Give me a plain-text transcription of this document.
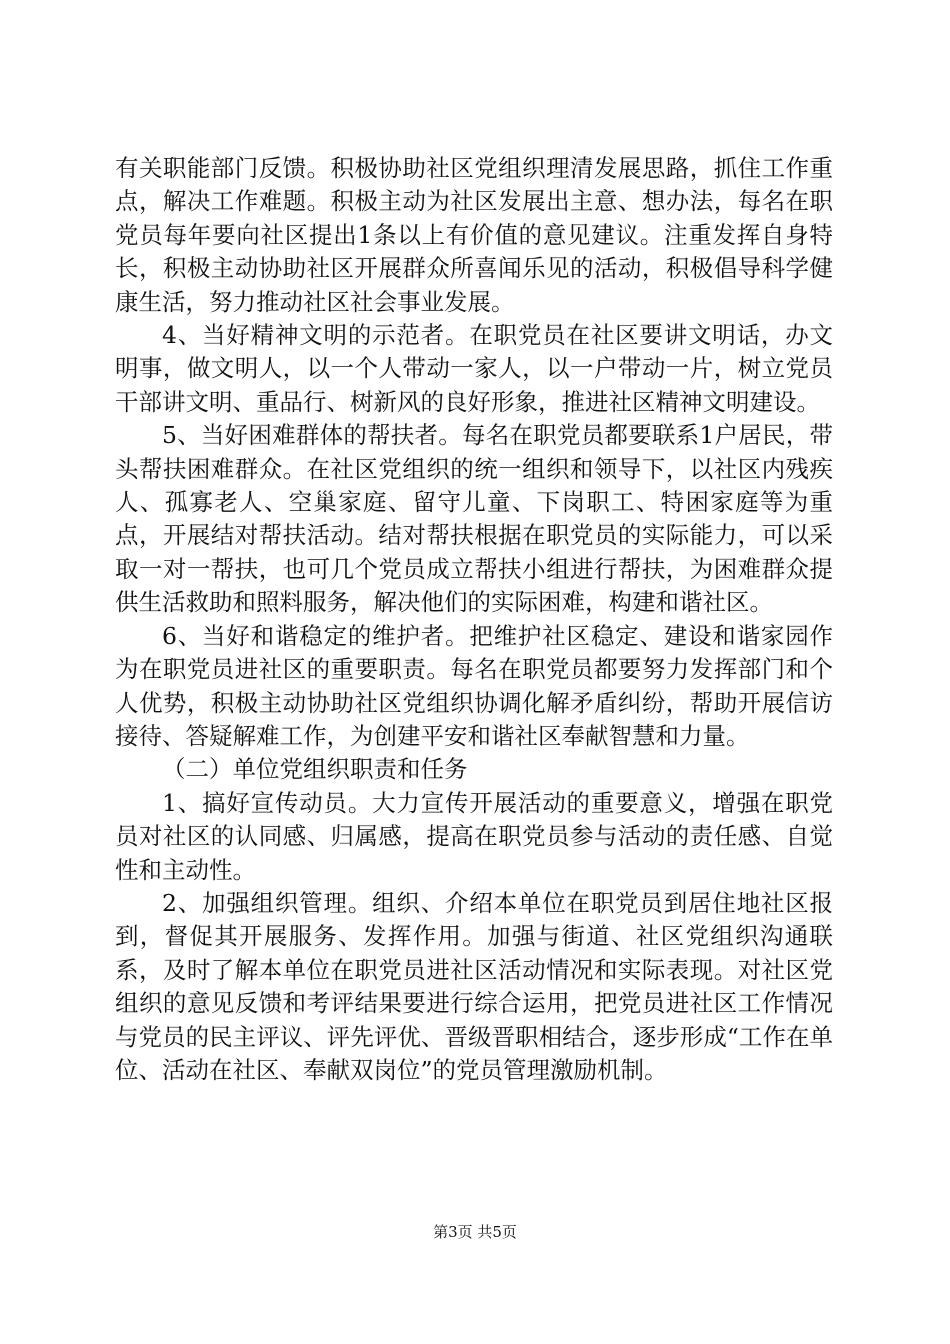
有关职能部门反馈。积极协助社区党组织理清发展思路，抓住工作重点，解决工作难题。积极主动为社区发展出主意、想办法，每名在职党员每年要向社区提出1条以上有价值的意见建议。注重发挥自身特长，积极主动协助社区开展群众所喜闻乐见的活动，积极倡导科学健康生活，努力推动社区社会事业发展。

4、当好精神文明的示范者。在职党员在社区要讲文明话，办文明事，做文明人，以一个人带动一家人，以一户带动一片，树立党员干部讲文明、重品行、树新风的良好形象，推进社区精神文明建设。

5、当好困难群体的帮扶者。每名在职党员都要联系1户居民，带头帮扶困难群众。在社区党组织的统一组织和领导下，以社区内残疾人、孤寡老人、空巢家庭、留守儿童、下岗职工、特困家庭等为重点，开展结对帮扶活动。结对帮扶根据在职党员的实际能力，可以采取一对一帮扶，也可几个党员成立帮扶小组进行帮扶，为困难群众提供生活救助和照料服务，解决他们的实际困难，构建和谐社区。

6、当好和谐稳定的维护者。把维护社区稳定、建设和谐家园作为在职党员进社区的重要职责。每名在职党员都要努力发挥部门和个人优势，积极主动协助社区党组织协调化解矛盾纠纷，帮助开展信访接待、答疑解难工作，为创建平安和谐社区奉献智慧和力量。

（二）单位党组织职责和任务

1、搞好宣传动员。大力宣传开展活动的重要意义，增强在职党员对社区的认同感、归属感，提高在职党员参与活动的责任感、自觉性和主动性。

2、加强组织管理。组织、介绍本单位在职党员到居住地社区报到，督促其开展服务、发挥作用。加强与街道、社区党组织沟通联系，及时了解本单位在职党员进社区活动情况和实际表现。对社区党组织的意见反馈和考评结果要进行综合运用，把党员进社区工作情况与党员的民主评议、评先评优、晋级晋职相结合，逐步形成“工作在单位、活动在社区、奉献双岗位”的党员管理激励机制。

第3页 共5页
